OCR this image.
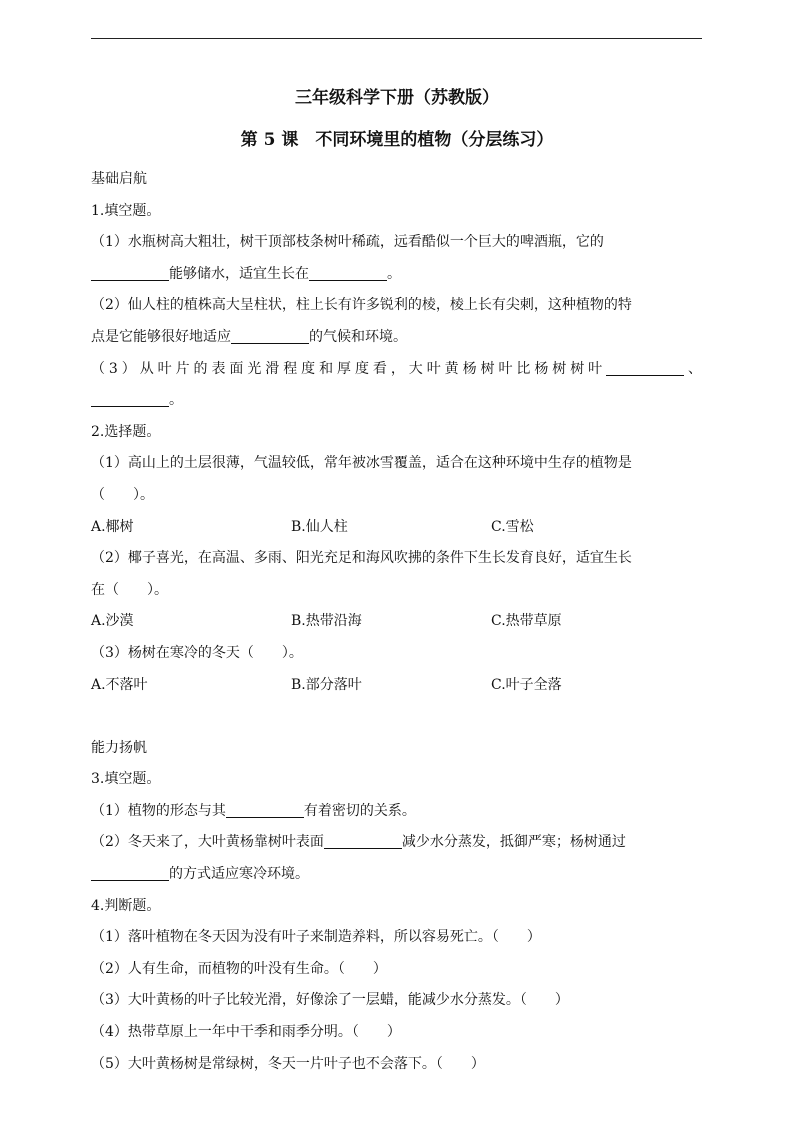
三年级科学下册（苏教版）
第 5 课　不同环境里的植物（分层练习）
基础启航
1.填空题。
（1）水瓶树高大粗壮，树干顶部枝条树叶稀疏，远看酷似一个巨大的啤酒瓶，它的
能够储水，适宜生长在	。
（2）仙人柱的植株高大呈柱状，柱上长有许多锐利的棱，棱上长有尖刺，这种植物的特
点是它能够很好地适应	的气候和环境。
（3）从叶片的表面光滑程度和厚度看，大叶黄杨树叶比杨树树叶	、
。
2.选择题。
（1）高山上的土层很薄，气温较低，常年被冰雪覆盖，适合在这种环境中生存的植物是
（　　）。
A.椰树	B.仙人柱	C.雪松
（2）椰子喜光，在高温、多雨、阳光充足和海风吹拂的条件下生长发育良好，适宜生长
在（　　）。
A.沙漠	B.热带沿海	C.热带草原
（3）杨树在寒冷的冬天（　　）。
A.不落叶	B.部分落叶	C.叶子全落
能力扬帆
3.填空题。
（1）植物的形态与其	有着密切的关系。
（2）冬天来了，大叶黄杨靠树叶表面	减少水分蒸发，抵御严寒；杨树通过
的方式适应寒冷环境。
4.判断题。
（1）落叶植物在冬天因为没有叶子来制造养料，所以容易死亡。（　　）
（2）人有生命，而植物的叶没有生命。（　　）
（3）大叶黄杨的叶子比较光滑，好像涂了一层蜡，能减少水分蒸发。（　　）
（4）热带草原上一年中干季和雨季分明。（　　）
（5）大叶黄杨树是常绿树，冬天一片叶子也不会落下。（　　）
